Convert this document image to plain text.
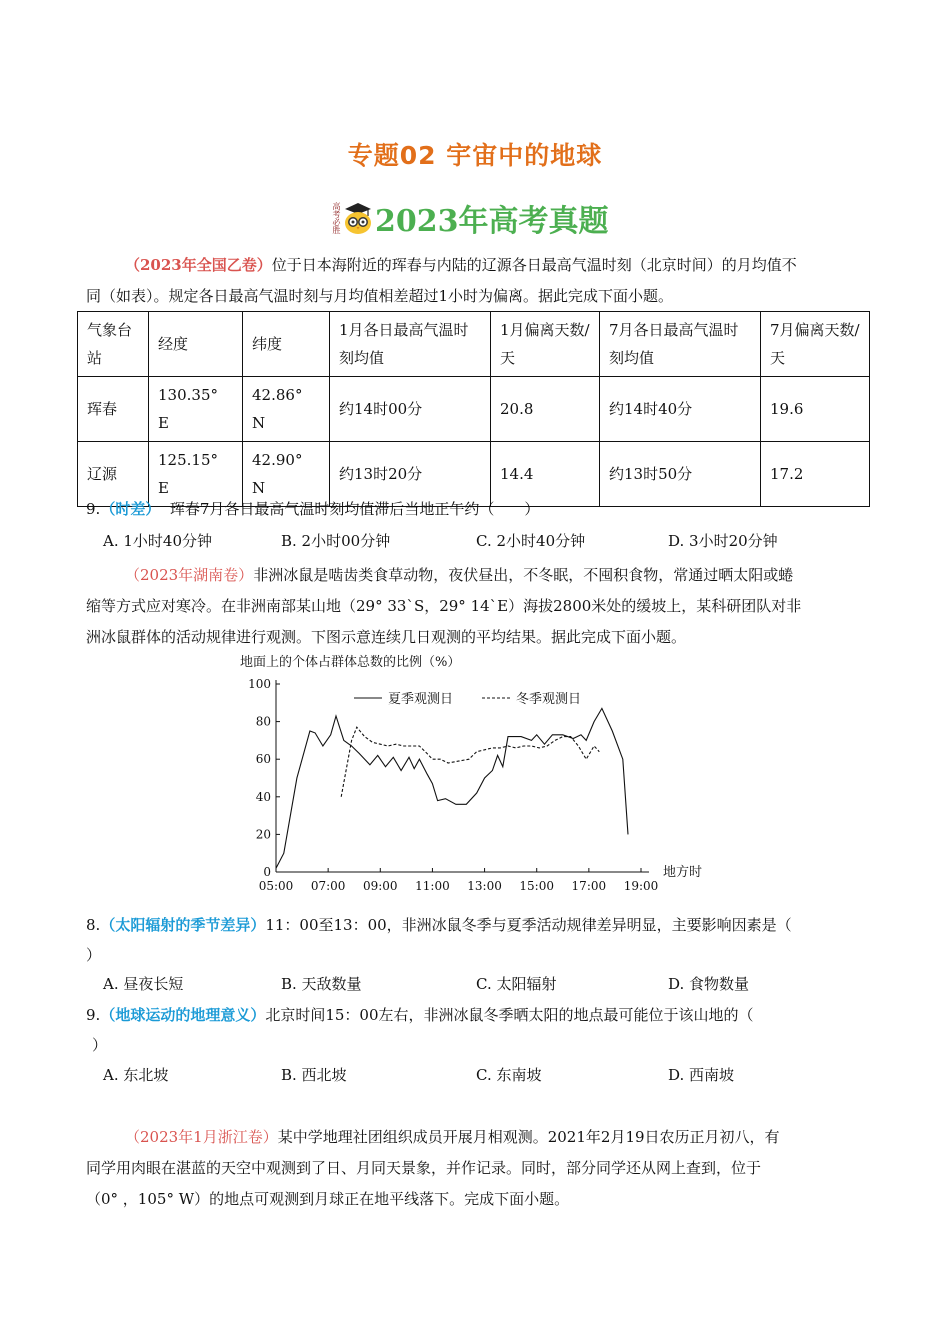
专题02 宇宙中的地球
高考必胜 2023年高考真题
（2023年全国乙卷）位于日本海附近的珲春与内陆的辽源各日最高气温时刻（北京时间）的月均值不
同（如表）。规定各日最高气温时刻与月均值相差超过1小时为偏离。据此完成下面小题。
气象台站	经度	纬度	1月各日最高气温时刻均值	1月偏离天数/天	7月各日最高气温时刻均值	7月偏离天数/天
珲春	130.35° E	42.86° N	约14时00分	20.8	约14时40分	19.6
辽源	125.15° E	42.90° N	约13时20分	14.4	约13时50分	17.2
9.（时差） 珲春7月各日最高气温时刻均值滞后当地正午约（　　）
A. 1小时40分钟	B. 2小时00分钟	C. 2小时40分钟	D. 3小时20分钟
（2023年湖南卷）非洲冰鼠是啮齿类食草动物，夜伏昼出，不冬眠，不囤积食物，常通过晒太阳或蜷
缩等方式应对寒冷。在非洲南部某山地（29° 33`S，29° 14`E）海拔2800米处的缓坡上，某科研团队对非
洲冰鼠群体的活动规律进行观测。下图示意连续几日观测的平均结果。据此完成下面小题。
地面上的个体占群体总数的比例（%）
0
20
40
60
80
100
05:00 07:00 09:00 11:00 13:00 15:00 17:00 19:00
地方时
夏季观测日	冬季观测日
8.（太阳辐射的季节差异）11：00至13：00，非洲冰鼠冬季与夏季活动规律差异明显，主要影响因素是（
）
A. 昼夜长短	B. 天敌数量	C. 太阳辐射	D. 食物数量
9.（地球运动的地理意义）北京时间15：00左右，非洲冰鼠冬季晒太阳的地点最可能位于该山地的（
）
A. 东北坡	B. 西北坡	C. 东南坡	D. 西南坡
（2023年1月浙江卷）某中学地理社团组织成员开展月相观测。2021年2月19日农历正月初八，有
同学用肉眼在湛蓝的天空中观测到了日、月同天景象，并作记录。同时，部分同学还从网上查到，位于
（0° ，105° W）的地点可观测到月球正在地平线落下。完成下面小题。
